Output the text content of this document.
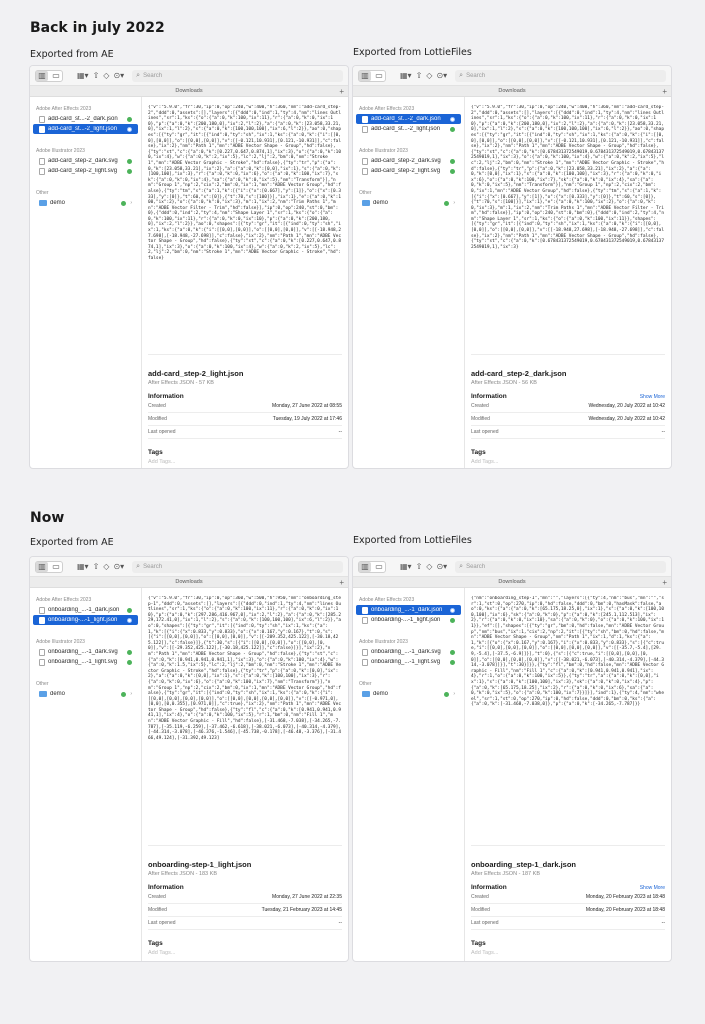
Back in july 2022
Exported from AE	Exported from LottieFiles
Now
Exported from AE	Exported from LottieFiles
▥ ▭ ▦▾ ⇧ ◇ ⊙▾ ⌕ Search
Downloads	+
Adobe After Effects 2023
add-card_st...-2_dark.json
add-card_st...-2_light.json
Adobe Illustrator 2023
add-card_step-2_dark.svg
add-card_step-2_light.svg
Other
demo	›
{"v":"5.9.0","fr":30,"ip":0,"op":240,"w":400,"h":360,"nm":"add-card_step-2","ddd":0,"assets":[],"layers":[{"ddd":0,"ind":1,"ty":4,"nm":"lines Outlines","sr":1,"ks":{"o":{"a":0,"k":100,"ix":11},"r":{"a":0,"k":0,"ix":10},"p":{"a":0,"k":[200,180,0],"ix":2,"l":2},"a":{"a":0,"k":[23.058,33.21,0],"ix":1,"l":2},"s":{"a":0,"k":[100,100,100],"ix":6,"l":2}},"ao":0,"shapes":[{"ty":"gr","it":[{"ind":0,"ty":"sh","ix":1,"ks":{"a":0,"k":{"i":[[0,0],[0,0]],"o":[[0,0],[0,0]],"v":[[-0.121,10.931],[0.121,-10.931]],"c":false},"ix":2},"nm":"Path 1","mn":"ADBE Vector Shape - Group","hd":false},{"ty":"st","c":{"a":0,"k":[0.227,0.647,0.874,1],"ix":3},"o":{"a":0,"k":100,"ix":4},"w":{"a":0,"k":2,"ix":5},"lc":2,"lj":2,"bm":0,"nm":"Stroke 1","mn":"ADBE Vector Graphic - Stroke","hd":false},{"ty":"tr","p":{"a":0,"k":[23.058,33.21],"ix":2},"a":{"a":0,"k":[0,0],"ix":1},"s":{"a":0,"k":[100,100],"ix":3},"r":{"a":0,"k":0,"ix":6},"o":{"a":0,"k":100,"ix":7},"sk":{"a":0,"k":0,"ix":4},"sa":{"a":0,"k":0,"ix":5},"nm":"Transform"}],"nm":"Group 1","np":2,"cix":2,"bm":0,"ix":1,"mn":"ADBE Vector Group","hd":false},{"ty":"tm","s":{"a":1,"k":[{"i":{"x":[0.667],"y":[1]},"o":{"x":[0.333],"y":[0]},"t":60,"s":[0]},{"t":70,"s":[100]}],"ix":1},"e":{"a":0,"k":100,"ix":2},"o":{"a":0,"k":0,"ix":3},"m":1,"ix":2,"nm":"Trim Paths 1","mn":"ADBE Vector Filter - Trim","hd":false}],"ip":0,"op":240,"st":0,"bm":0},{"ddd":0,"ind":2,"ty":4,"nm":"Shape Layer 1","sr":1,"ks":{"o":{"a":0,"k":100,"ix":11},"r":{"a":0,"k":0,"ix":10},"p":{"a":0,"k":[200,180,0],"ix":2,"l":2}},"ao":0,"shapes":[{"ty":"gr","it":[{"ind":0,"ty":"sh","ix":1,"ks":{"a":0,"k":{"i":[[0,0],[0,0]],"o":[[0,0],[0,0]],"v":[[-18.948,27.698],[-18.948,-27.698]],"c":false},"ix":2},"nm":"Path 1","mn":"ADBE Vector Shape - Group","hd":false},{"ty":"st","c":{"a":0,"k":[0.227,0.647,0.874,1],"ix":3},"o":{"a":0,"k":100,"ix":4},"w":{"a":0,"k":2,"ix":5},"lc":2,"lj":2,"bm":0,"nm":"Stroke 1","mn":"ADBE Vector Graphic - Stroke","hd":false}
add-card_step-2_light.json
After Effects JSON - 57 KB
Information
Created	Monday, 27 June 2022 at 08:55
Modified	Tuesday, 19 July 2022 at 17:46
Last opened	--
Tags
Add Tags...
▥ ▭ ▦▾ ⇧ ◇ ⊙▾ ⌕ Search
Downloads	+
Adobe After Effects 2023
add-card_st...-2_dark.json
add-card_st...-2_light.json
Adobe Illustrator 2023
add-card_step-2_dark.svg
add-card_step-2_light.svg
Other
demo	›
{"v":"5.9.0","fr":30,"ip":0,"op":240,"w":400,"h":360,"nm":"add-card_step-2","ddd":0,"assets":[],"layers":[{"ddd":0,"ind":1,"ty":4,"nm":"lines Outlines","sr":1,"ks":{"o":{"a":0,"k":100,"ix":11},"r":{"a":0,"k":0,"ix":10},"p":{"a":0,"k":[200,180,0],"ix":2,"l":2},"a":{"a":0,"k":[23.058,33.21,0],"ix":1,"l":2},"s":{"a":0,"k":[100,100,100],"ix":6,"l":2}},"ao":0,"shapes":[{"ty":"gr","it":[{"ind":0,"ty":"sh","ix":1,"ks":{"a":0,"k":{"i":[[0,0],[0,0]],"o":[[0,0],[0,0]],"v":[[-0.121,10.931],[0.121,-10.931]],"c":false},"ix":2},"nm":"Path 1","mn":"ADBE Vector Shape - Group","hd":false},{"ty":"st","c":{"a":0,"k":[0.678431372549019,0.678431372549019,0.678431372549019,1],"ix":3},"o":{"a":0,"k":100,"ix":4},"w":{"a":0,"k":2,"ix":5},"lc":2,"lj":2,"bm":0,"nm":"Stroke 1","mn":"ADBE Vector Graphic - Stroke","hd":false},{"ty":"tr","p":{"a":0,"k":[23.058,33.21],"ix":2},"a":{"a":0,"k":[0,0],"ix":1},"s":{"a":0,"k":[100,100],"ix":3},"r":{"a":0,"k":0,"ix":6},"o":{"a":0,"k":100,"ix":7},"sk":{"a":0,"k":0,"ix":4},"sa":{"a":0,"k":0,"ix":5},"nm":"Transform"}],"nm":"Group 1","np":2,"cix":2,"bm":0,"ix":1,"mn":"ADBE Vector Group","hd":false},{"ty":"tm","s":{"a":1,"k":[{"i":{"x":[0.667],"y":[1]},"o":{"x":[0.333],"y":[0]},"t":60,"s":[0]},{"t":70,"s":[100]}],"ix":1},"e":{"a":0,"k":100,"ix":2},"o":{"a":0,"k":0,"ix":3},"m":1,"ix":2,"nm":"Trim Paths 1","mn":"ADBE Vector Filter - Trim","hd":false}],"ip":0,"op":240,"st":0,"bm":0},{"ddd":0,"ind":2,"ty":4,"nm":"Shape Layer 1","sr":1,"ks":{"o":{"a":0,"k":100,"ix":11}},"shapes":[{"ty":"gr","it":[{"ind":0,"ty":"sh","ix":1,"ks":{"a":0,"k":{"i":[[0,0],[0,0]],"o":[[0,0],[0,0]],"v":[[-18.948,27.698],[-18.948,-27.698]],"c":false},"ix":2},"nm":"Path 1","mn":"ADBE Vector Shape - Group","hd":false},{"ty":"st","c":{"a":0,"k":[0.678431372549019,0.678431372549019,0.678431372549019,1],"ix":3}
add-card_step-2_dark.json
After Effects JSON - 56 KB
Information	Show More
Created	Wednesday, 20 July 2022 at 10:42
Modified	Wednesday, 20 July 2022 at 10:42
Last opened	--
Tags
Add Tags...
▥ ▭ ▦▾ ⇧ ◇ ⊙▾ ⌕ Search
Downloads	+
Adobe After Effects 2023
onboarding_...-1_dark.json
onboarding-...-1_light.json
Adobe Illustrator 2023
onboarding_...-1_dark.svg
onboarding_...-1_light.svg
Other
demo	›
{"v":"5.9.0","fr":30,"ip":0,"op":360,"w":500,"h":950,"nm":"onboarding_step-1","ddd":0,"assets":[],"layers":[{"ddd":0,"ind":1,"ty":4,"nm":"lines Outlines","sr":1,"ks":{"o":{"a":0,"k":100,"ix":11},"r":{"a":0,"k":0,"ix":10},"p":{"a":0,"k":[297.286,416.967,0],"ix":2,"l":2},"a":{"a":0,"k":[285.229,172.41,0],"ix":1,"l":2},"s":{"a":0,"k":[100,100,100],"ix":6,"l":2}},"ao":0,"shapes":[{"ty":"gr","it":[{"ind":0,"ty":"sh","ix":1,"ks":{"a":1,"k":[{"i":{"x":0.833,"y":0.833},"o":{"x":0.167,"y":0.167},"t":0,"s":[{"i":[[0,0],[0,0]],"o":[[0,0],[0,0]],"v":[[-209.352,425.122],[-30.18,425.122]],"c":false}]},{"t":30,"s":[{"i":[[0,0],[0,0]],"o":[[0,0],[0,0]],"v":[[-29.352,425.122],[-30.18,425.122]],"c":false}]}],"ix":2},"nm":"Path 1","mn":"ADBE Vector Shape - Group","hd":false},{"ty":"st","c":{"a":0,"k":[0.941,0.941,0.941,1],"ix":3},"o":{"a":0,"k":100,"ix":4},"w":{"a":0,"k":1.5,"ix":5},"lc":2,"lj":2,"bm":0,"nm":"Stroke 1","mn":"ADBE Vector Graphic - Stroke","hd":false},{"ty":"tr","p":{"a":0,"k":[0,0],"ix":2},"a":{"a":0,"k":[0,0],"ix":1},"s":{"a":0,"k":[100,100],"ix":3},"r":{"a":0,"k":0,"ix":6},"o":{"a":0,"k":100,"ix":7},"nm":"Transform"}],"nm":"Group 1","np":2,"cix":2,"bm":0,"ix":1,"mn":"ADBE Vector Group","hd":false},{"ty":"gr","it":[{"ind":0,"ty":"sh","ix":1,"ks":{"a":0,"k":{"i":[[0,0],[0,0],[0,0],[0,0]],"o":[[0,0],[0,0],[0,0],[0,0]],"v":[[-0.971,0],[0,0],[0,0.355],[0.971,0]],"c":true},"ix":2},"nm":"Path 1","mn":"ADBE Vector Shape - Group","hd":false},{"ty":"fl","c":{"a":0,"k":[0.941,0.941,0.941,1],"ix":4},"o":{"a":0,"k":100,"ix":5},"r":1,"bm":0,"nm":"Fill 1","mn":"ADBE Vector Graphic - Fill","hd":false},[-31.468,-7.038],[-34.265,-7.787],[-35.119,-6.259],[-37.462,-6.618],[-38.021,-6.073],[-40.314,-4.379],[-44.314,-3.078],[-46.376,-1.546],[-45.738,-0.178],[-46.48,-3.376],[-31.466,49.124],[-31.392,49.123]
onboarding-step-1_light.json
After Effects JSON - 183 KB
Information
Created	Monday, 27 June 2022 at 22:35
Modified	Tuesday, 21 February 2023 at 14:45
Last opened	--
Tags
Add Tags...
▥ ▭ ▦▾ ⇧ ◇ ⊙▾ ⌕ Search
Downloads	+
Adobe After Effects 2023
onboarding_...-1_dark.json
onboarding-...-1_light.json
Adobe Illustrator 2023
onboarding_...-1_dark.svg
onboarding_...-1_light.svg
Other
demo	›
{"nm":"onboarding_step-1","mn":"","layers":[{"ty":4,"nm":"bus","mn":"","sr":1,"st":0,"op":270,"ip":0,"hd":false,"ddd":0,"bm":0,"hasMask":false,"ao":0,"ks":{"a":{"a":0,"k":[65.175,18.25,0],"ix":1},"s":{"a":0,"k":[100,100,100],"ix":6},"sk":{"a":0,"k":0},"p":{"a":0,"k":[245.1,112.513],"ix":2},"r":{"a":0,"k":0,"ix":10},"sa":{"a":0,"k":0},"o":{"a":0,"k":100,"ix":11}},"ef":[],"shapes":[{"ty":"gr","bm":0,"hd":false,"mn":"ADBE Vector Group","nm":"bus","ix":1,"cix":2,"np":2,"it":[{"ty":"sh","bm":0,"hd":false,"mn":"ADBE Vector Shape - Group","nm":"Path 1","ix":1,"d":1,"ks":{"a":1,"k":[{"o":{"x":0.167,"y":0.167},"i":{"x":0.833,"y":0.833},"s":[{"c":true,"i":[[0,0],[0,0],[0,0]],"o":[[0,0],[0,0],[0,0]],"v":[[-35.7,-5.4],[29.9,-5.4],[-37.5,-6.9]]}],"t":0},{"s":[{"c":true,"i":[[0,0],[0,0],[0,0]],"o":[[0,0],[0,0],[0,0]],"v":[[-38.021,-6.073],[-40.314,-4.379],[-44.314,-3.078]]}],"t":30}]}},{"ty":"fl","bm":0,"hd":false,"mn":"ADBE Vector Graphic - Fill","nm":"Fill 1","c":{"a":0,"k":[0.941,0.941,0.941],"ix":4},"r":1,"o":{"a":0,"k":100,"ix":5}},{"ty":"tr","a":{"a":0,"k":[0,0],"ix":1},"s":{"a":0,"k":[100,100],"ix":3},"sk":{"a":0,"k":0,"ix":4},"p":{"a":0,"k":[65.175,18.25],"ix":2},"r":{"a":0,"k":0,"ix":6},"sa":{"a":0,"k":0,"ix":5},"o":{"a":0,"k":100,"ix":7}}]}],"ind":1},{"ty":4,"nm":"wheel","sr":1,"st":0,"op":270,"ip":0,"hd":false,"ddd":0,"bm":0,"ks":{"a":{"a":0,"k":[-31.468,-7.038,0]},"p":{"a":0,"k":[-34.265,-7.787]}}
onboarding_step-1_dark.json
After Effects JSON - 187 KB
Information	Show More
Created	Monday, 20 February 2023 at 18:48
Modified	Monday, 20 February 2023 at 18:48
Last opened	--
Tags
Add Tags...
